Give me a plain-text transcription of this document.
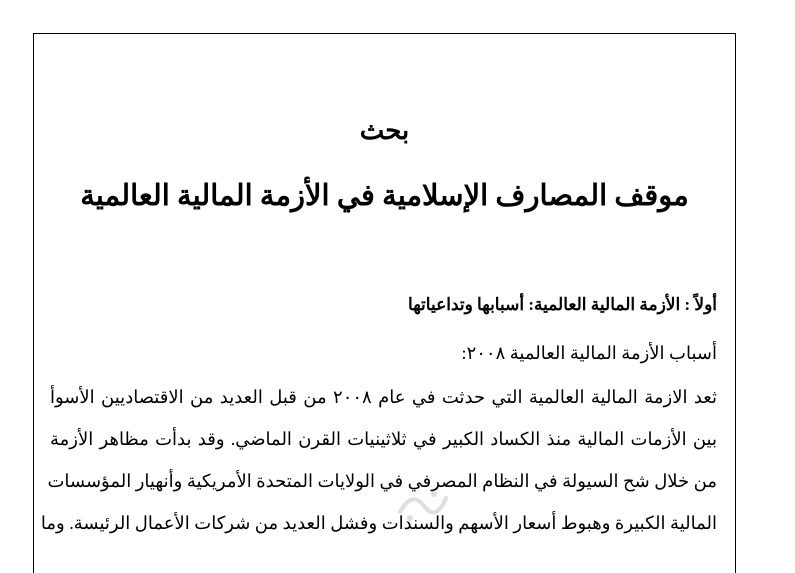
بحث
موقف المصارف الإسلامية في الأزمة المالية العالمية
أولاً : الأزمة المالية العالمية: أسبابها وتداعياتها
أسباب الأزمة المالية العالمية ٢٠٠٨:
ثعد الازمة المالية العالمية التي حدثت في عام ٢٠٠٨ من قبل العديد من الاقتصاديين الأسوأ
بين الأزمات المالية منذ الكساد الكبير في ثلاثينيات القرن الماضي. وقد بدأت مظاهر الأزمة
من خلال شح السيولة في النظام المصرفي في الولايات المتحدة الأمريكية وأنهيار المؤسسات
المالية الكبيرة وهبوط أسعار الأسهم والسندات وفشل العديد من شركات الأعمال الرئيسة. وما
